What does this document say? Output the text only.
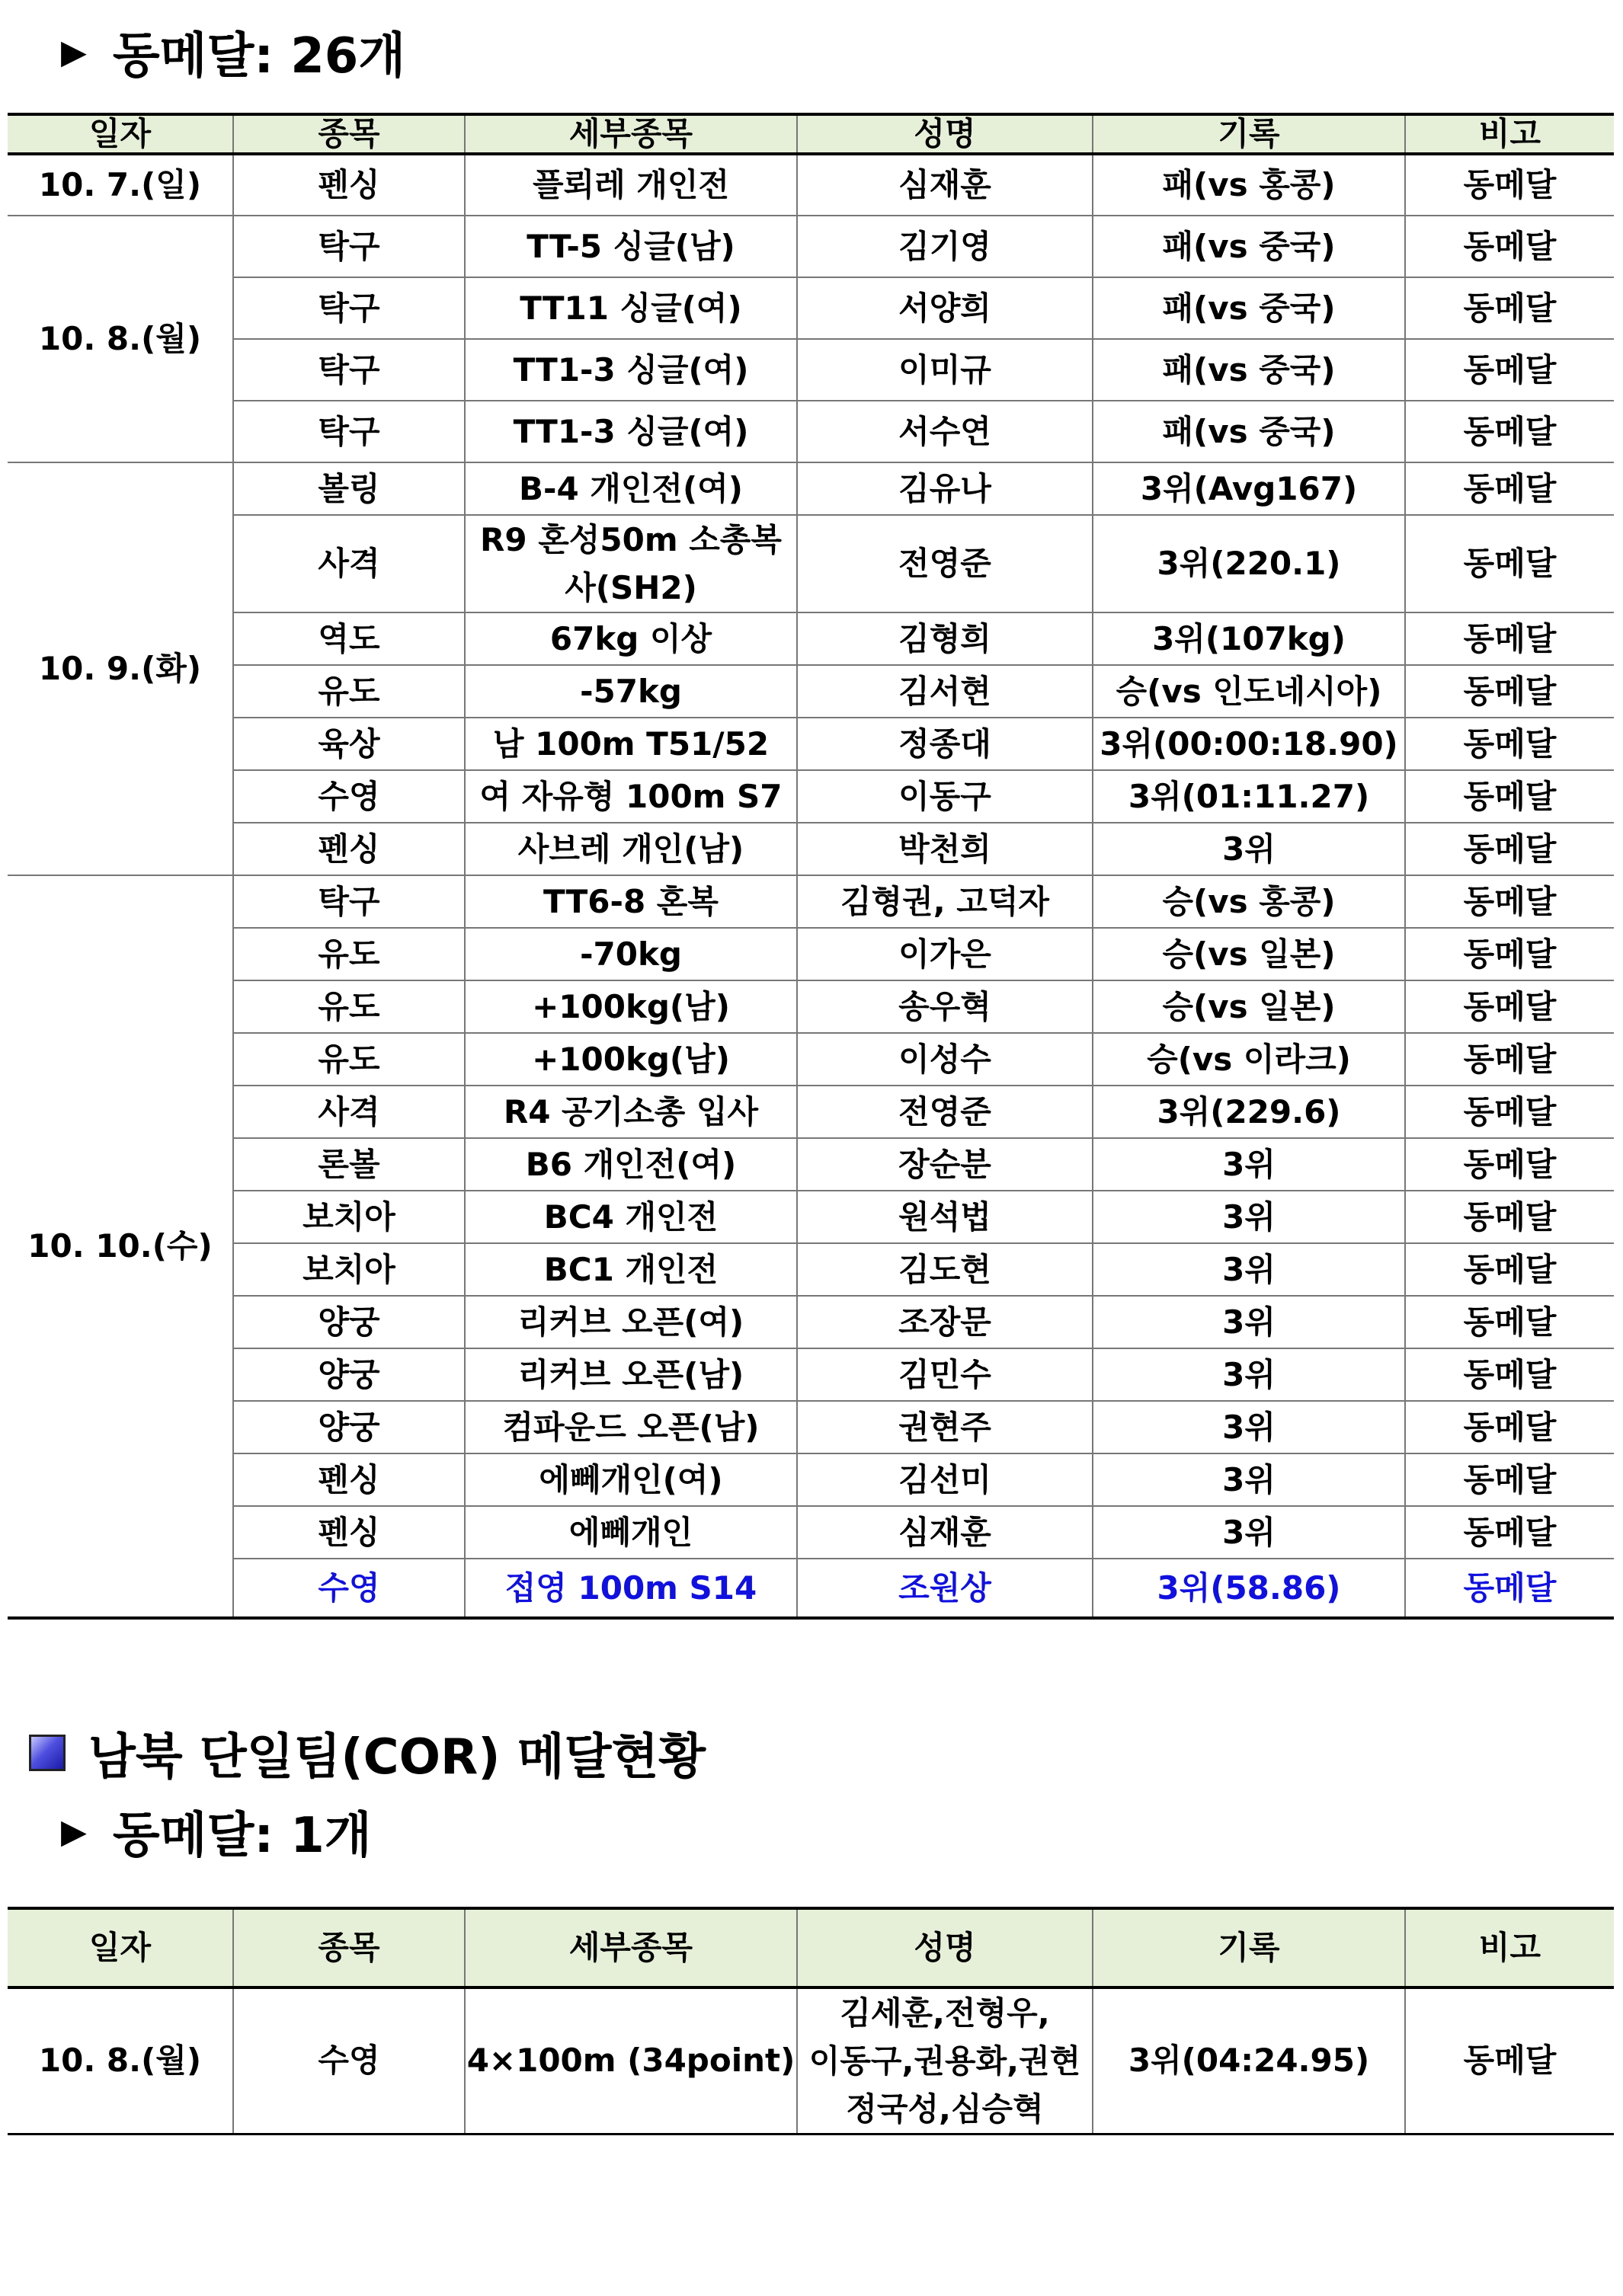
▶ 동메달: 26개
일자	종목	세부종목	성명	기록	비고
10. 7.(일)	펜싱	플뢰레 개인전	심재훈	패(vs 홍콩)	동메달
10. 8.(월)	탁구	TT-5 싱글(남)	김기영	패(vs 중국)	동메달
	탁구	TT11 싱글(여)	서양희	패(vs 중국)	동메달
	탁구	TT1-3 싱글(여)	이미규	패(vs 중국)	동메달
	탁구	TT1-3 싱글(여)	서수연	패(vs 중국)	동메달
10. 9.(화)	볼링	B-4 개인전(여)	김유나	3위(Avg167)	동메달
	사격	R9 혼성50m 소총복사(SH2)	전영준	3위(220.1)	동메달
	역도	67kg 이상	김형희	3위(107kg)	동메달
	유도	-57kg	김서현	승(vs 인도네시아)	동메달
	육상	남 100m T51/52	정종대	3위(00:00:18.90)	동메달
	수영	여 자유형 100m S7	이동구	3위(01:11.27)	동메달
	펜싱	사브레 개인(남)	박천희	3위	동메달
10. 10.(수)	탁구	TT6-8 혼복	김형권, 고덕자	승(vs 홍콩)	동메달
	유도	-70kg	이가은	승(vs 일본)	동메달
	유도	+100kg(남)	송우혁	승(vs 일본)	동메달
	유도	+100kg(남)	이성수	승(vs 이라크)	동메달
	사격	R4 공기소총 입사	전영준	3위(229.6)	동메달
	론볼	B6 개인전(여)	장순분	3위	동메달
	보치아	BC4 개인전	원석법	3위	동메달
	보치아	BC1 개인전	김도현	3위	동메달
	양궁	리커브 오픈(여)	조장문	3위	동메달
	양궁	리커브 오픈(남)	김민수	3위	동메달
	양궁	컴파운드 오픈(남)	권현주	3위	동메달
	펜싱	에뻬개인(여)	김선미	3위	동메달
	펜싱	에뻬개인	심재훈	3위	동메달
	수영	접영 100m S14	조원상	3위(58.86)	동메달
남북 단일팀(COR) 메달현황
▶ 동메달: 1개
일자	종목	세부종목	성명	기록	비고
10. 8.(월)	수영	4×100m (34point)	김세훈,전형우,
이동구,권용화,권현
정국성,심승혁	3위(04:24.95)	동메달
